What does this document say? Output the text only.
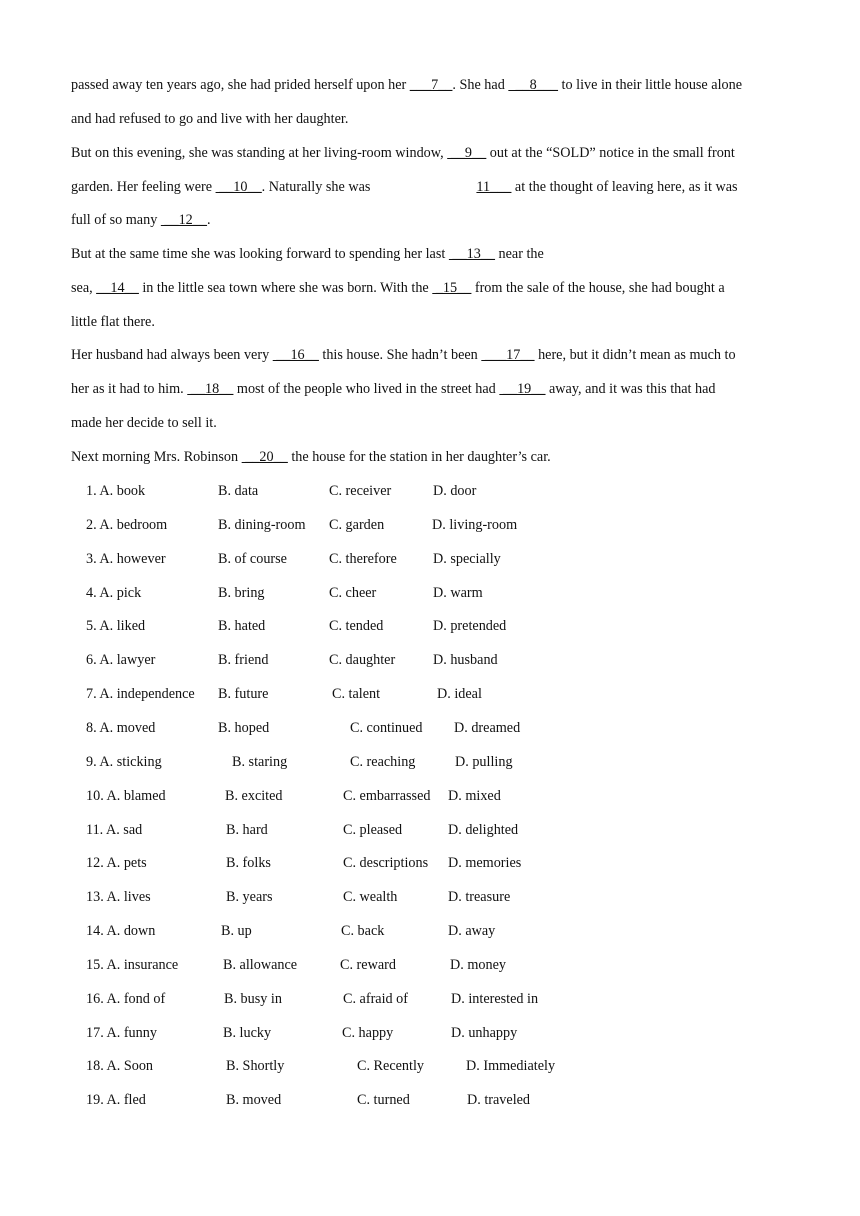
passed away ten years ago, she had prided herself upon her ___7__. She had   __8___ to live in their little house alone
and had refused to go and live with her daughter.
But on this evening, she was standing at her living-room window,  __9__ out at the “SOLD” notice in the small front
garden. Her feeling were  __10__. Naturally she was	11___ at the thought of leaving here, as it was
full of so many  __12__.
But at the same time she was looking forward to spending her last  __13__ near the
sea, __14__ in the little sea town where she was born. With the  _15__ from the sale of the house, she had bought a
little flat there.
Her husband had always been very  __16__ this house. She hadn’t been  ___17__ here, but it didn’t mean as much to
her as it had to him.  __18__ most of the people who lived in the street had  __19__ away, and it was this that had
made her decide to sell it.
Next morning Mrs. Robinson  __20__ the house for the station in her daughter’s car.
1. A. book	B. data	C. receiver	D. door
2. A. bedroom	B. dining-room C. garden	D. living-room
3. A. however	B. of course	C. therefore	D. specially
4. A. pick	B. bring	C. cheer	D. warm
5. A. liked	B. hated	C. tended	D. pretended
6. A. lawyer	B. friend	C. daughter	D. husband
7. A. independence B. future	C. talent	D. ideal
8. A. moved	B. hoped	C. continued D. dreamed
9. A. sticking	B. staring	C. reaching	D. pulling
10. A. blamed	B. excited	C. embarrassed D. mixed
11. A. sad	B. hard	C. pleased	D. delighted
12. A. pets	B. folks	C. descriptions D. memories
13. A. lives	B. years	C. wealth	D. treasure
14. A. down	B. up	C. back	D. away
15. A. insurance	B. allowance	C. reward	D. money
16. A. fond of	B. busy in	C. afraid of	D. interested in
17. A. funny	B. lucky	C. happy	D. unhappy
18. A. Soon	B. Shortly	C. Recently	D. Immediately
19. A. fled	B. moved	C. turned	D. traveled
